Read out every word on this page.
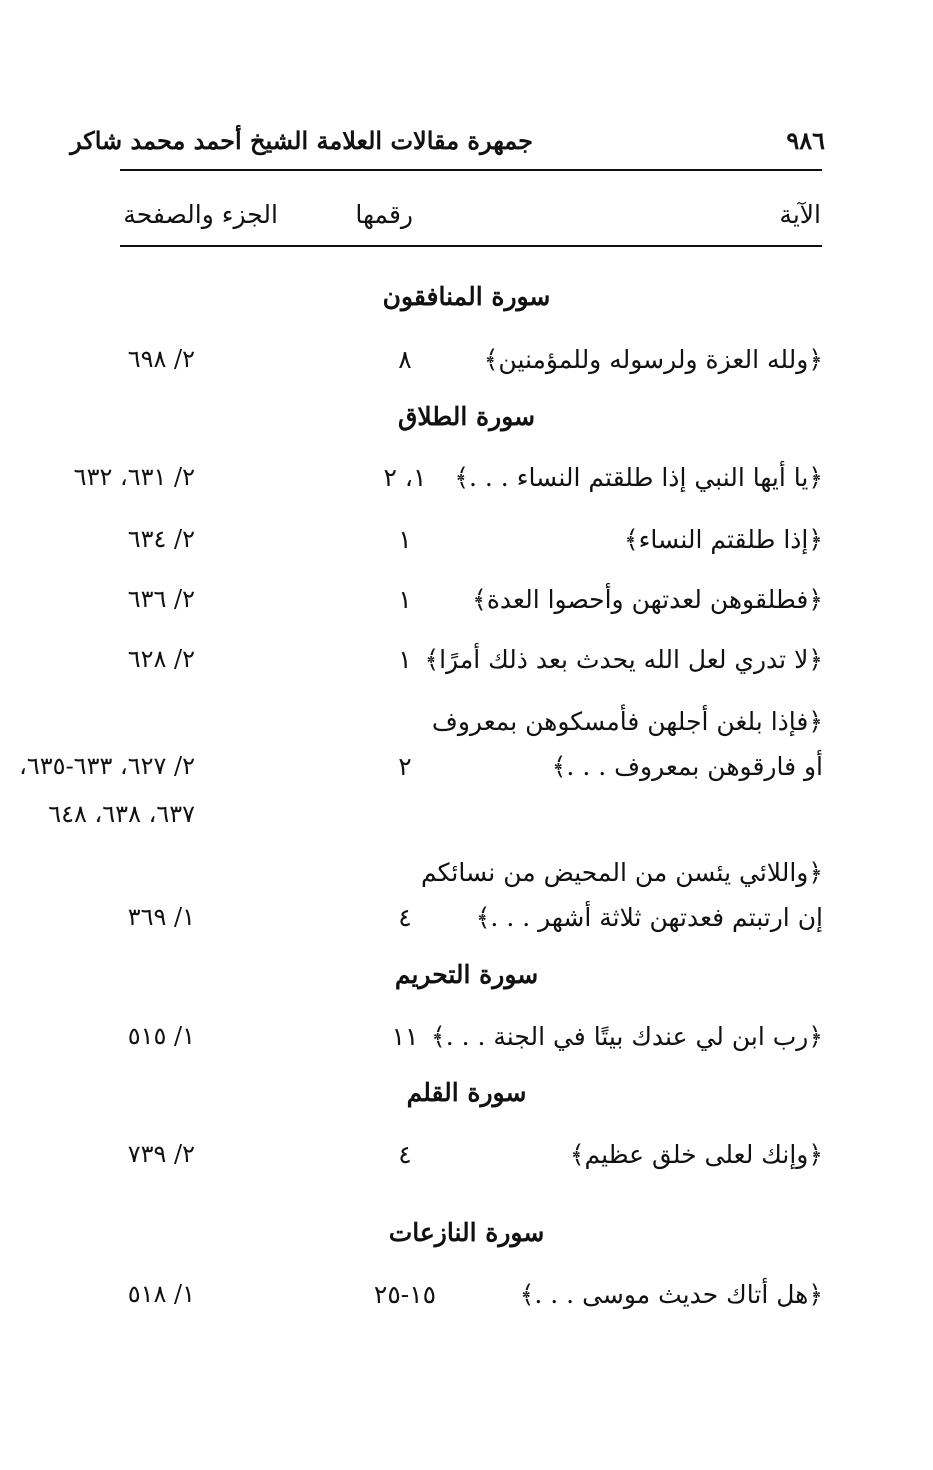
٩٨٦
جمهرة مقالات العلامة الشيخ أحمد محمد شاكر
الآية
رقمها
الجزء والصفحة
سورة المنافقون
﴿ولله العزة ولرسوله وللمؤمنين﴾
٨
٢/ ٦٩٨
سورة الطلاق
﴿يا أيها النبي إذا طلقتم النساء . . .﴾
١، ٢
٢/ ٦٣١، ٦٣٢
﴿إذا طلقتم النساء﴾
١
٢/ ٦٣٤
﴿فطلقوهن لعدتهن وأحصوا العدة﴾
١
٢/ ٦٣٦
﴿لا تدري لعل الله يحدث بعد ذلك أمرًا﴾
١
٢/ ٦٢٨
﴿فإذا بلغن أجلهن فأمسكوهن بمعروف
أو فارقوهن بمعروف . . .﴾
٢
٢/ ٦٢٧، ٦٣٣-٦٣٥،
٦٣٧، ٦٣٨، ٦٤٨
﴿واللائي يئسن من المحيض من نسائكم
إن ارتبتم فعدتهن ثلاثة أشهر . . .﴾
٤
١/ ٣٦٩
سورة التحريم
﴿رب ابن لي عندك بيتًا في الجنة . . .﴾
١١
١/ ٥١٥
سورة القلم
﴿وإنك لعلى خلق عظيم﴾
٤
٢/ ٧٣٩
سورة النازعات
﴿هل أتاك حديث موسى . . .﴾
١٥-٢٥
١/ ٥١٨
